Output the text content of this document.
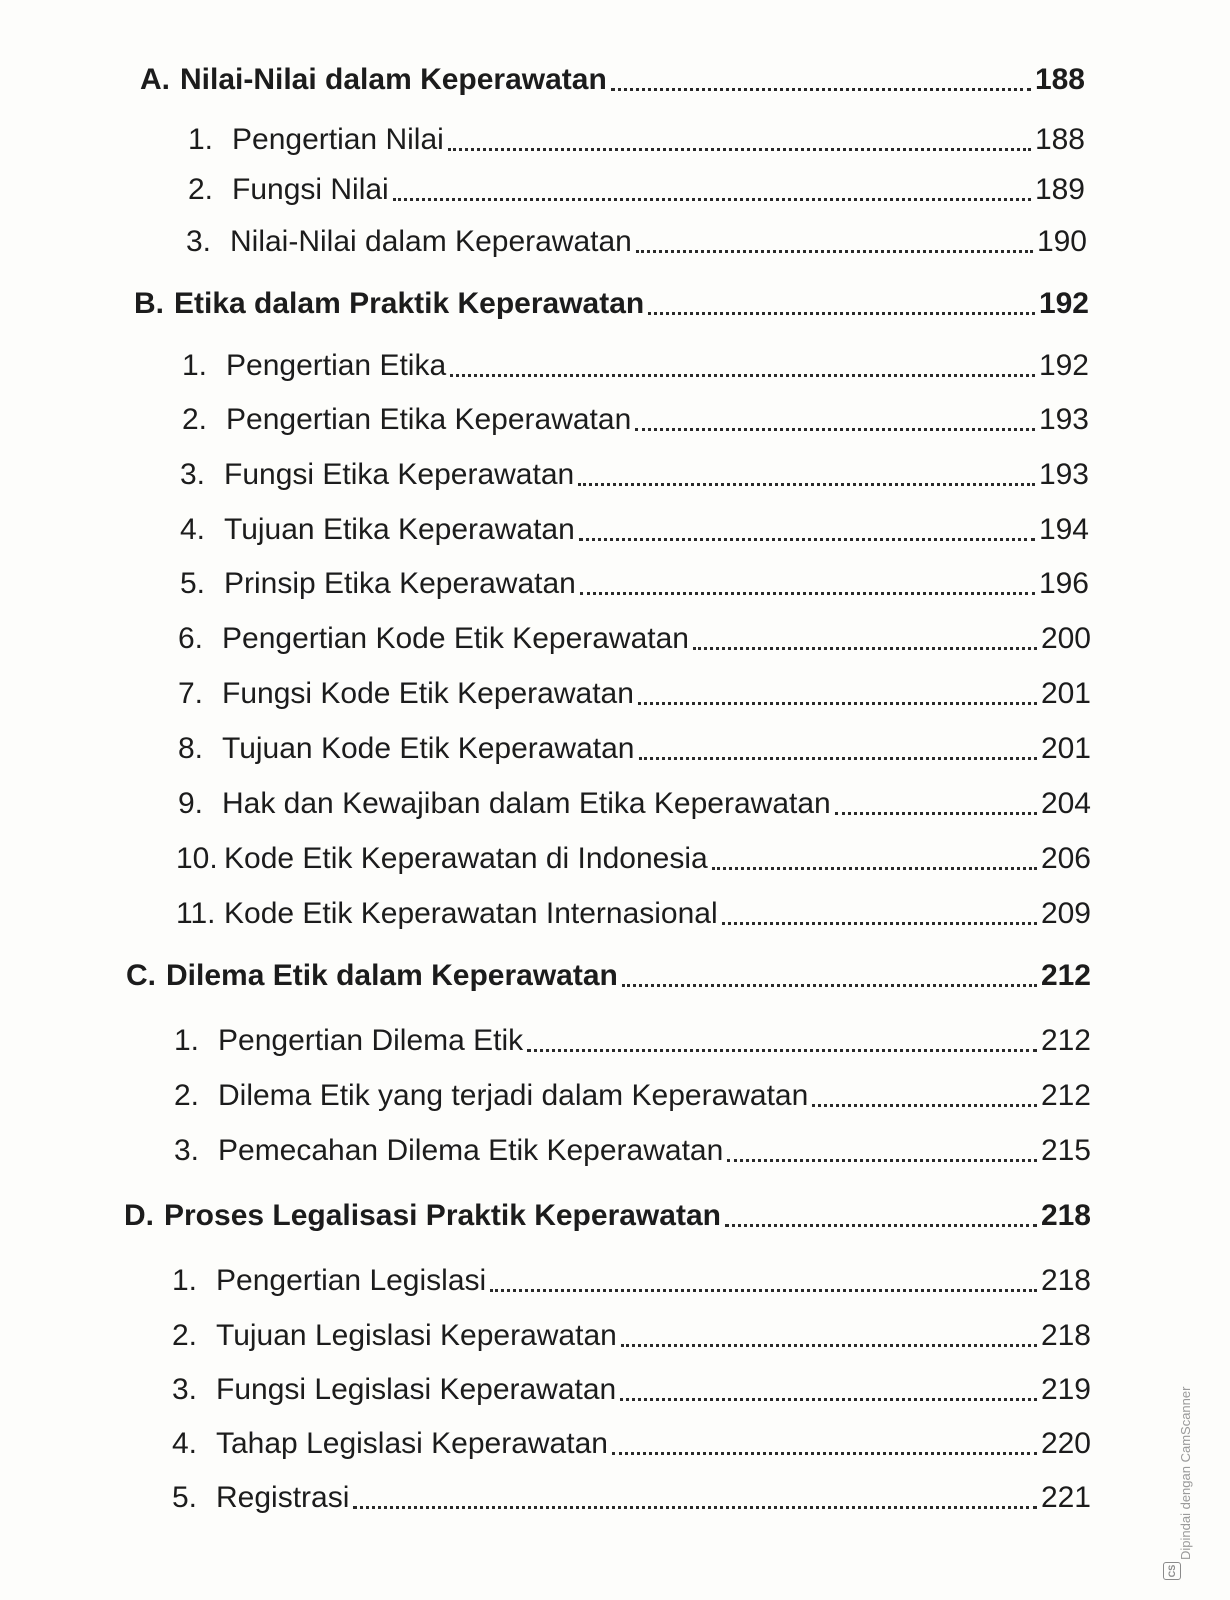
A. Nilai-Nilai dalam Keperawatan	188
1. Pengertian Nilai	188
2. Fungsi Nilai	189
3. Nilai-Nilai dalam Keperawatan	190
B. Etika dalam Praktik Keperawatan	192
1. Pengertian Etika	192
2. Pengertian Etika Keperawatan	193
3. Fungsi Etika Keperawatan	193
4. Tujuan Etika Keperawatan	194
5. Prinsip Etika Keperawatan	196
6. Pengertian Kode Etik Keperawatan	200
7. Fungsi Kode Etik Keperawatan	201
8. Tujuan Kode Etik Keperawatan	201
9. Hak dan Kewajiban dalam Etika Keperawatan	204
10. Kode Etik Keperawatan di Indonesia	206
11. Kode Etik Keperawatan Internasional	209
C. Dilema Etik dalam Keperawatan	212
1. Pengertian Dilema Etik	212
2. Dilema Etik yang terjadi dalam Keperawatan	212
3. Pemecahan Dilema Etik Keperawatan	215
D. Proses Legalisasi Praktik Keperawatan	218
1. Pengertian Legislasi	218
2. Tujuan Legislasi Keperawatan	218
3. Fungsi Legislasi Keperawatan	219
4. Tahap Legislasi Keperawatan	220
5. Registrasi	221
CS
Dipindai dengan CamScanner
